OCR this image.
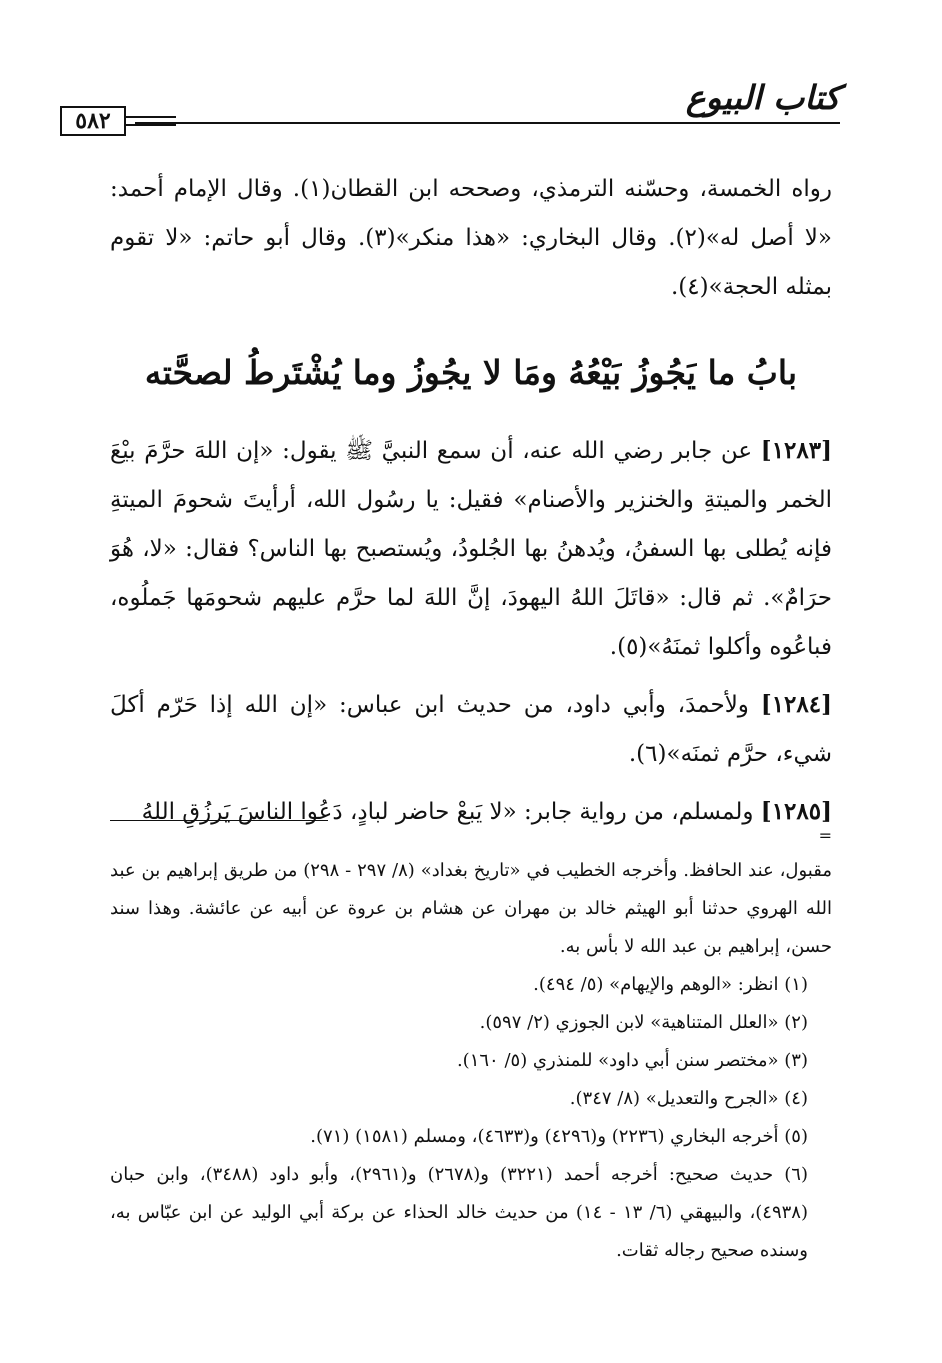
كتاب البيوع
٥٨٢

رواه الخمسة، وحسّنه الترمذي، وصححه ابن القطان(١). وقال الإمام أحمد: «لا أصل له»(٢). وقال البخاري: «هذا منكر»(٣). وقال أبو حاتم: «لا تقوم بمثله الحجة»(٤).

بابُ ما يَجُوزُ بَيْعُهُ ومَا لا يجُوزُ وما يُشْتَرطُ لصحَّته

[١٢٨٣] عن جابر رضي الله عنه، أن سمع النبيَّ ﷺ يقول: «إن اللهَ حرَّمَ بيْعَ الخمر والميتةِ والخنزير والأصنام» فقيل: يا رسُول الله، أرأيتَ شحومَ الميتةِ فإنه يُطلى بها السفنُ، ويُدهنُ بها الجُلودُ، ويُستصبح بها الناس؟ فقال: «لا، هُوَ حرَامٌ». ثم قال: «قاتَلَ اللهُ اليهودَ، إنَّ اللهَ لما حرَّم عليهم شحومَها جَملُوه، فباعُوه وأكلوا ثمنَهُ»(٥).

[١٢٨٤] ولأحمدَ، وأبي داود، من حديث ابن عباس: «إن الله إذا حَرّم أكلَ شيء، حرَّم ثمنَه»(٦).

[١٢٨٥] ولمسلم، من رواية جابر: «لا يَبعْ حاضر لبادٍ، دَعُوا الناسَ يَرزُقِ اللهُ

=

مقبول، عند الحافظ. وأخرجه الخطيب في «تاريخ بغداد» (٨/ ٢٩٧ - ٢٩٨) من طريق إبراهيم بن عبد الله الهروي حدثنا أبو الهيثم خالد بن مهران عن هشام بن عروة عن أبيه عن عائشة. وهذا سند حسن، إبراهيم بن عبد الله لا بأس به.

(١) انظر: «الوهم والإيهام» (٥/ ٤٩٤).

(٢) «العلل المتناهية» لابن الجوزي (٢/ ٥٩٧).

(٣) «مختصر سنن أبي داود» للمنذري (٥/ ١٦٠).

(٤) «الجرح والتعديل» (٨/ ٣٤٧).

(٥) أخرجه البخاري (٢٢٣٦) و(٤٢٩٦) و(٤٦٣٣)، ومسلم (١٥٨١) (٧١).

(٦) حديث صحيح: أخرجه أحمد (٣٢٢١) و(٢٦٧٨) و(٢٩٦١)، وأبو داود (٣٤٨٨)، وابن حبان (٤٩٣٨)، والبيهقي (٦/ ١٣ - ١٤) من حديث خالد الحذاء عن بركة أبي الوليد عن ابن عبّاس به، وسنده صحيح رجاله ثقات.
